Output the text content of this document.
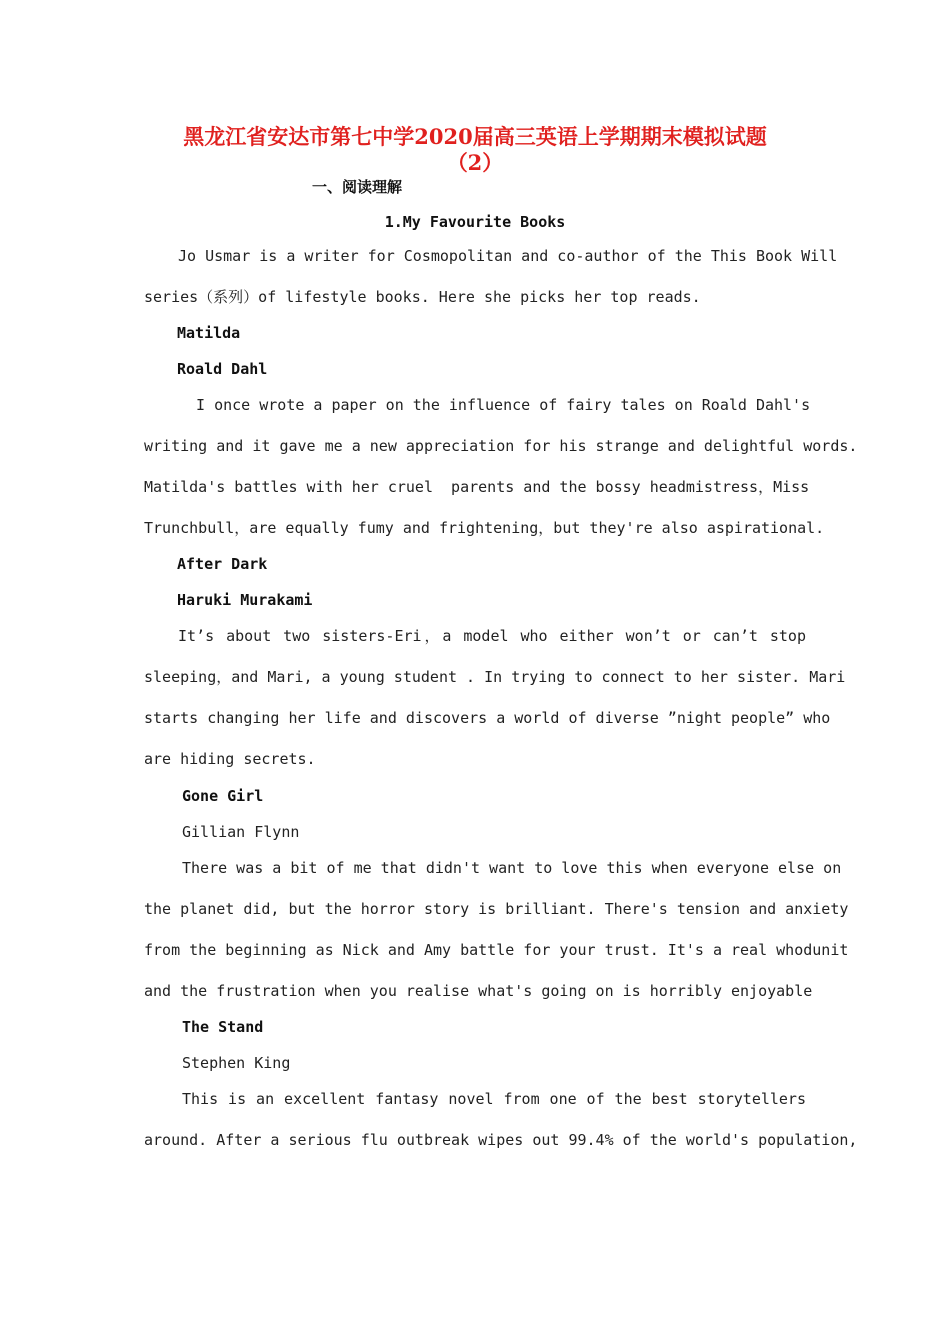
黑龙江省安达市第七中学2020届高三英语上学期期末模拟试题
（2）
一、阅读理解
1.My Favourite Books
Jo Usmar is a writer for Cosmopolitan and co-author of the This Book Will
series（系列）of lifestyle books. Here she picks her top reads.
Matilda
Roald Dahl
I once wrote a paper on the influence of fairy tales on Roald Dahl's
writing and it gave me a new appreciation for his strange and delightful words.
Matilda's battles with her cruel  parents and the bossy headmistress，Miss
Trunchbull，are equally fumy and frightening，but they're also aspirational.
After Dark
Haruki Murakami
It’s about two sisters-Eri，a model who either won’t or can’t stop
sleeping，and Mari, a young student . In trying to connect to her sister. Mari
starts changing her life and discovers a world of diverse ”night people” who
are hiding secrets.
Gone Girl
Gillian Flynn
There was a bit of me that didn't want to love this when everyone else on
the planet did, but the horror story is brilliant. There's tension and anxiety
from the beginning as Nick and Amy battle for your trust. It's a real whodunit
and the frustration when you realise what's going on is horribly enjoyable
The Stand
Stephen King
This is an excellent fantasy novel from one of the best storytellers
around. After a serious flu outbreak wipes out 99.4% of the world's population,
